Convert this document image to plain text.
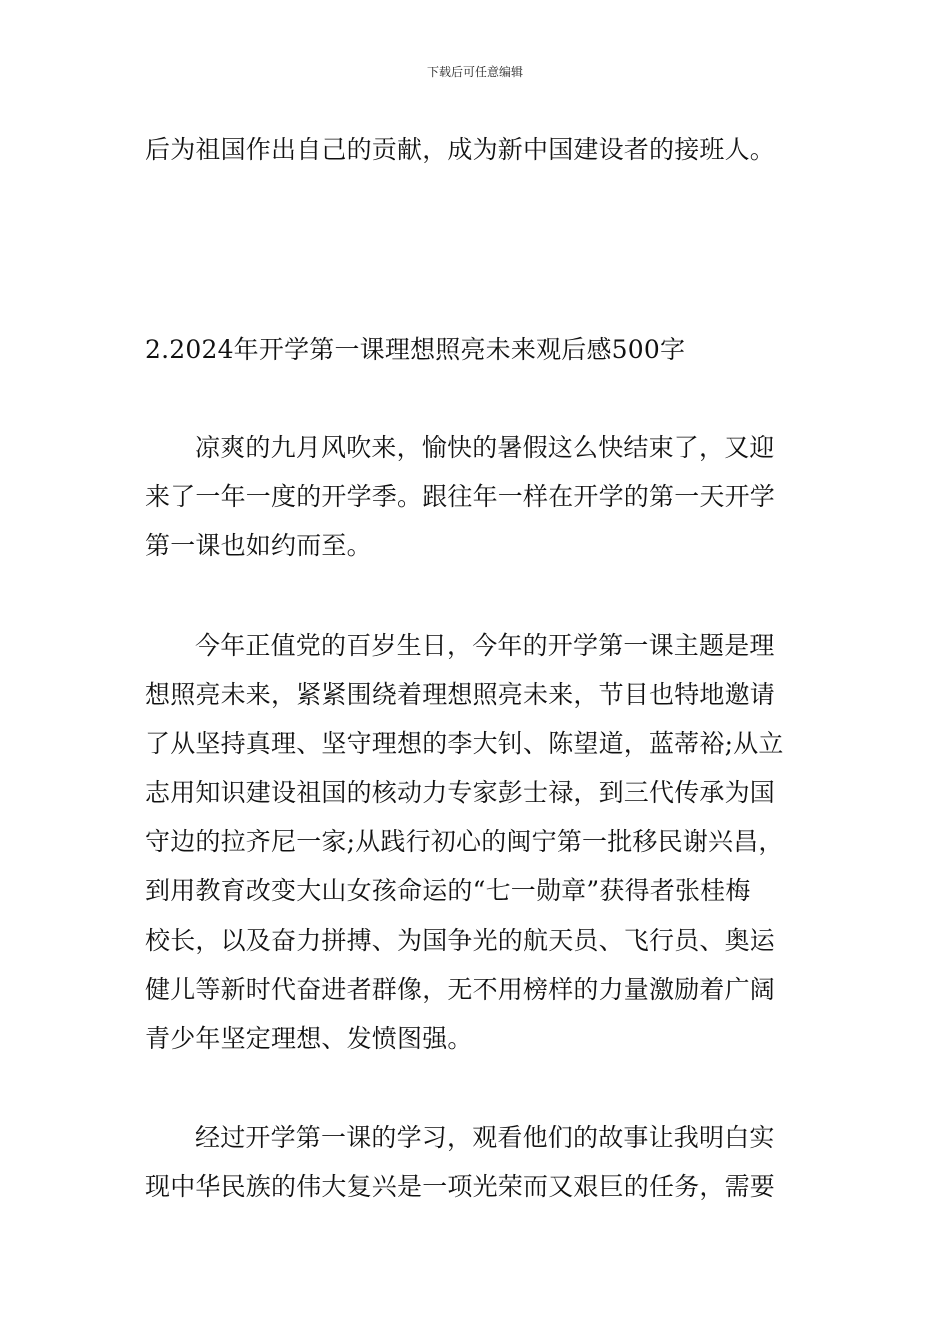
下载后可任意编辑
后为祖国作出自己的贡献，成为新中国建设者的接班人。
2.2024年开学第一课理想照亮未来观后感500字
凉爽的九月风吹来，愉快的暑假这么快结束了，又迎
来了一年一度的开学季。跟往年一样在开学的第一天开学
第一课也如约而至。
今年正值党的百岁生日，今年的开学第一课主题是理
想照亮未来，紧紧围绕着理想照亮未来，节目也特地邀请
了从坚持真理、坚守理想的李大钊、陈望道，蓝蒂裕;从立
志用知识建设祖国的核动力专家彭士禄，到三代传承为国
守边的拉齐尼一家;从践行初心的闽宁第一批移民谢兴昌，
到用教育改变大山女孩命运的“七一勋章”获得者张桂梅
校长，以及奋力拼搏、为国争光的航天员、飞行员、奥运
健儿等新时代奋进者群像，无不用榜样的力量激励着广阔
青少年坚定理想、发愤图强。
经过开学第一课的学习，观看他们的故事让我明白实
现中华民族的伟大复兴是一项光荣而又艰巨的任务，需要
